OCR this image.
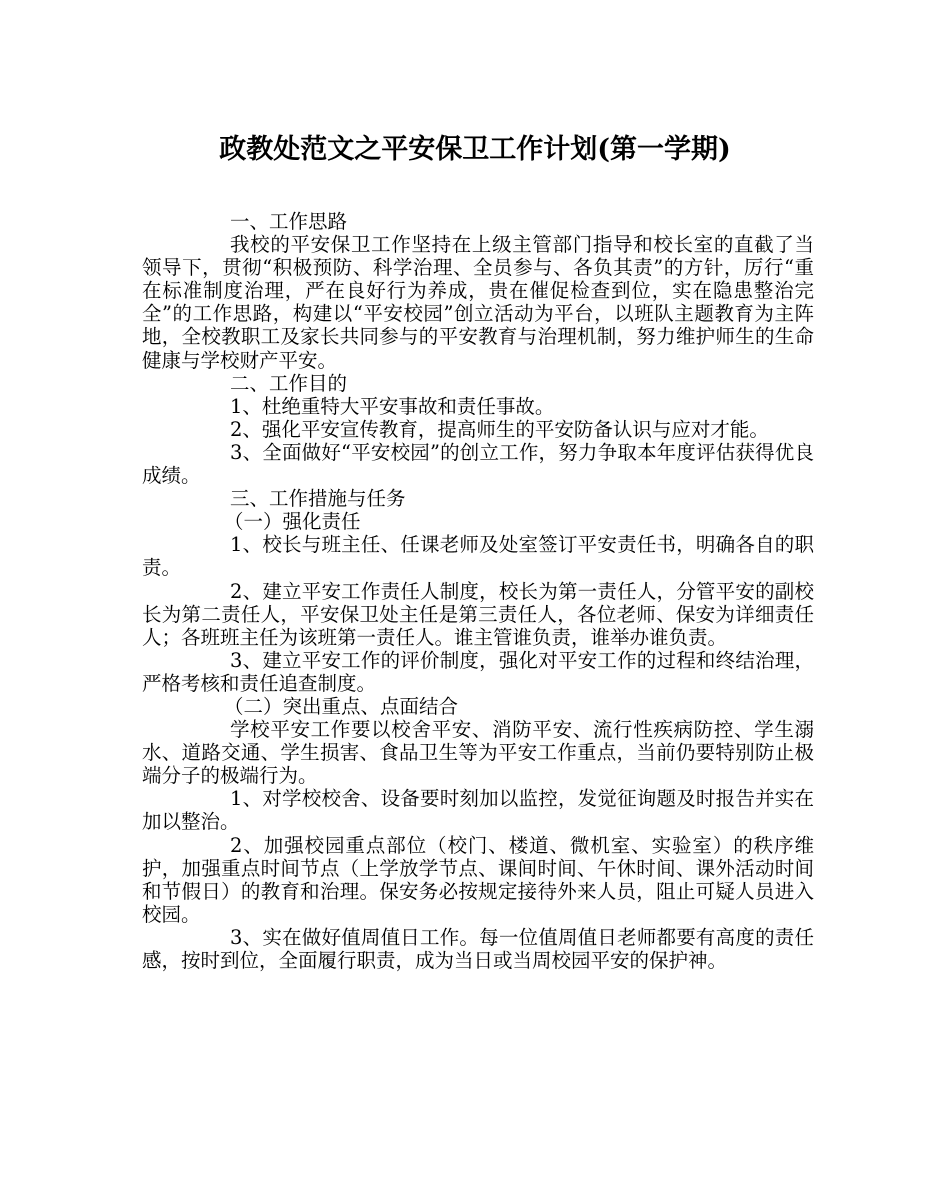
政教处范文之平安保卫工作计划(第一学期)

一、工作思路

我校的平安保卫工作坚持在上级主管部门指导和校长室的直截了当领导下，贯彻“积极预防、科学治理、全员参与、各负其责”的方针，厉行“重在标准制度治理，严在良好行为养成，贵在催促检查到位，实在隐患整治完全”的工作思路，构建以“平安校园”创立活动为平台，以班队主题教育为主阵地，全校教职工及家长共同参与的平安教育与治理机制，努力维护师生的生命健康与学校财产平安。

二、工作目的

1、杜绝重特大平安事故和责任事故。

2、强化平安宣传教育，提高师生的平安防备认识与应对才能。

3、全面做好“平安校园”的创立工作，努力争取本年度评估获得优良成绩。

三、工作措施与任务

（一）强化责任

1、校长与班主任、任课老师及处室签订平安责任书，明确各自的职责。

2、建立平安工作责任人制度，校长为第一责任人，分管平安的副校长为第二责任人，平安保卫处主任是第三责任人，各位老师、保安为详细责任人；各班班主任为该班第一责任人。谁主管谁负责，谁举办谁负责。

3、建立平安工作的评价制度，强化对平安工作的过程和终结治理，严格考核和责任追查制度。

（二）突出重点、点面结合

学校平安工作要以校舍平安、消防平安、流行性疾病防控、学生溺水、道路交通、学生损害、食品卫生等为平安工作重点，当前仍要特别防止极端分子的极端行为。

1、对学校校舍、设备要时刻加以监控，发觉征询题及时报告并实在加以整治。

2、加强校园重点部位（校门、楼道、微机室、实验室）的秩序维护，加强重点时间节点（上学放学节点、课间时间、午休时间、课外活动时间和节假日）的教育和治理。保安务必按规定接待外来人员，阻止可疑人员进入校园。

3、实在做好值周值日工作。每一位值周值日老师都要有高度的责任感，按时到位，全面履行职责，成为当日或当周校园平安的保护神。
